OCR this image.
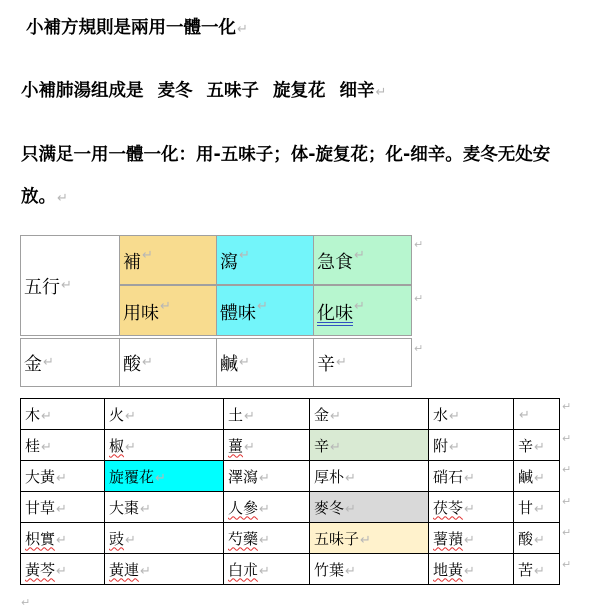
小補方規則是兩用一體一化↵
小補肺湯组成是 麦冬 五味子 旋复花 细辛↵
只满足一用一體一化：用-五味子；体-旋复花；化-细辛。麦冬无处安
放。↵
五行 ↵
補 ↵	瀉 ↵	急食 ↵
用味 ↵	體味 ↵	化味 ↵
金 ↵	酸 ↵	鹹 ↵	辛 ↵
↵
↵
↵
木↵	火↵	土↵	金↵	水↵	↵
桂↵	椒↵	薑↵	辛↵	附↵	辛↵
大黃↵	旋覆花↵	澤瀉↵	厚朴↵	硝石↵	鹹↵
甘草↵	大棗↵	人參↵	麥冬↵	茯苓↵	甘↵
枳實↵	豉↵	芍藥↵	五味子↵	薯蕷↵	酸↵
黃芩↵	黃連↵	白朮↵	竹葉↵	地黃↵	苦↵
↵
↵
↵
↵
↵
↵
↵
